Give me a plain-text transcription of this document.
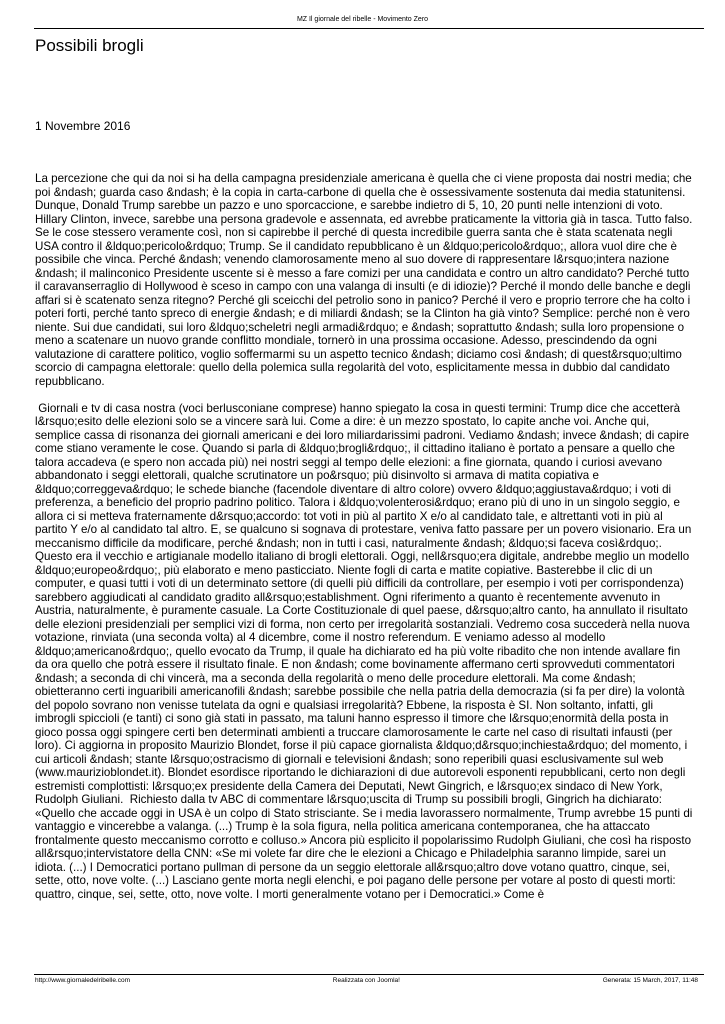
MZ Il giornale del ribelle - Movimento Zero
Possibili brogli
1 Novembre 2016

La percezione che qui da noi si ha della campagna presidenziale americana è quella che ci viene proposta dai nostri media; che poi &ndash; guarda caso &ndash; è la copia in carta-carbone di quella che è ossessivamente sostenuta dai media statunitensi. Dunque, Donald Trump sarebbe un pazzo e uno sporcaccione, e sarebbe indietro di 5, 10, 20 punti nelle intenzioni di voto. Hillary Clinton, invece, sarebbe una persona gradevole e assennata, ed avrebbe praticamente la vittoria già in tasca. Tutto falso. Se le cose stessero veramente così, non si capirebbe il perché di questa incredibile guerra santa che è stata scatenata negli USA contro il &ldquo;pericolo&rdquo; Trump. Se il candidato repubblicano è un &ldquo;pericolo&rdquo;, allora vuol dire che è possibile che vinca. Perché &ndash; venendo clamorosamente meno al suo dovere di rappresentare l&rsquo;intera nazione &ndash; il malinconico Presidente uscente si è messo a fare comizi per una candidata e contro un altro candidato? Perché tutto il caravanserraglio di Hollywood è sceso in campo con una valanga di insulti (e di idiozie)? Perché il mondo delle banche e degli affari si è scatenato senza ritegno? Perché gli sceicchi del petrolio sono in panico? Perché il vero e proprio terrore che ha colto i poteri forti, perché tanto spreco di energie &ndash; e di miliardi &ndash; se la Clinton ha già vinto? Semplice: perché non è vero niente. Sui due candidati, sui loro &ldquo;scheletri negli armadi&rdquo; e &ndash; soprattutto &ndash; sulla loro propensione o meno a scatenare un nuovo grande conflitto mondiale, tornerò in una prossima occasione. Adesso, prescindendo da ogni valutazione di carattere politico, voglio soffermarmi su un aspetto tecnico &ndash; diciamo così &ndash; di quest&rsquo;ultimo scorcio di campagna elettorale: quello della polemica sulla regolarità del voto, esplicitamente messa in dubbio dal candidato repubblicano.

Giornali e tv di casa nostra (voci berlusconiane comprese) hanno spiegato la cosa in questi termini: Trump dice che accetterà l&rsquo;esito delle elezioni solo se a vincere sarà lui. Come a dire: è un mezzo spostato, lo capite anche voi. Anche qui, semplice cassa di risonanza dei giornali americani e dei loro miliardarissimi padroni. Vediamo &ndash; invece &ndash; di capire come stiano veramente le cose. Quando si parla di &ldquo;brogli&rdquo;, il cittadino italiano è portato a pensare a quello che talora accadeva (e spero non accada più) nei nostri seggi al tempo delle elezioni: a fine giornata, quando i curiosi avevano abbandonato i seggi elettorali, qualche scrutinatore un po&rsquo; più disinvolto si armava di matita copiativa e &ldquo;correggeva&rdquo; le schede bianche (facendole diventare di altro colore) ovvero &ldquo;aggiustava&rdquo; i voti di preferenza, a beneficio del proprio padrino politico. Talora i &ldquo;volenterosi&rdquo; erano più di uno in un singolo seggio, e allora ci si metteva fraternamente d&rsquo;accordo: tot voti in più al partito X e/o al candidato tale, e altrettanti voti in più al partito Y e/o al candidato tal altro. E, se qualcuno si sognava di protestare, veniva fatto passare per un povero visionario. Era un meccanismo difficile da modificare, perché &ndash; non in tutti i casi, naturalmente &ndash; &ldquo;si faceva così&rdquo;. Questo era il vecchio e artigianale modello italiano di brogli elettorali. Oggi, nell&rsquo;era digitale, andrebbe meglio un modello &ldquo;europeo&rdquo;, più elaborato e meno pasticciato. Niente fogli di carta e matite copiative. Basterebbe il clic di un computer, e quasi tutti i voti di un determinato settore (di quelli più difficili da controllare, per esempio i voti per corrispondenza) sarebbero aggiudicati al candidato gradito all&rsquo;establishment. Ogni riferimento a quanto è recentemente avvenuto in Austria, naturalmente, è puramente casuale. La Corte Costituzionale di quel paese, d&rsquo;altro canto, ha annullato il risultato delle elezioni presidenziali per semplici vizi di forma, non certo per irregolarità sostanziali. Vedremo cosa succederà nella nuova votazione, rinviata (una seconda volta) al 4 dicembre, come il nostro referendum. E veniamo adesso al modello &ldquo;americano&rdquo;, quello evocato da Trump, il quale ha dichiarato ed ha più volte ribadito che non intende avallare fin da ora quello che potrà essere il risultato finale. E non &ndash; come bovinamente affermano certi sprovveduti commentatori &ndash; a seconda di chi vincerà, ma a seconda della regolarità o meno delle procedure elettorali. Ma come &ndash; obietteranno certi inguaribili americanofili &ndash; sarebbe possibile che nella patria della democrazia (si fa per dire) la volontà del popolo sovrano non venisse tutelata da ogni e qualsiasi irregolarità? Ebbene, la risposta è SI. Non soltanto, infatti, gli imbrogli spiccioli (e tanti) ci sono già stati in passato, ma taluni hanno espresso il timore che l&rsquo;enormità della posta in gioco possa oggi spingere certi ben determinati ambienti a truccare clamorosamente le carte nel caso di risultati infausti (per loro). Ci aggiorna in proposito Maurizio Blondet, forse il più capace giornalista &ldquo;d&rsquo;inchiesta&rdquo; del momento, i cui articoli &ndash; stante l&rsquo;ostracismo di giornali e televisioni &ndash; sono reperibili quasi esclusivamente sul web (www.maurizioblondet.it). Blondet esordisce riportando le dichiarazioni di due autorevoli esponenti repubblicani, certo non degli estremisti complottisti: l&rsquo;ex presidente della Camera dei Deputati, Newt Gingrich, e l&rsquo;ex sindaco di New York, Rudolph Giuliani.  Richiesto dalla tv ABC di commentare l&rsquo;uscita di Trump su possibili brogli, Gingrich ha dichiarato: «Quello che accade oggi in USA è un colpo di Stato strisciante. Se i media lavorassero normalmente, Trump avrebbe 15 punti di vantaggio e vincerebbe a valanga. (...) Trump è la sola figura, nella politica americana contemporanea, che ha attaccato frontalmente questo meccanismo corrotto e colluso.» Ancora più esplicito il popolarissimo Rudolph Giuliani, che così ha risposto all&rsquo;intervistatore della CNN: «Se mi volete far dire che le elezioni a Chicago e Philadelphia saranno limpide, sarei un idiota. (...) I Democratici portano pullman di persone da un seggio elettorale all&rsquo;altro dove votano quattro, cinque, sei, sette, otto, nove volte. (...) Lasciano gente morta negli elenchi, e poi pagano delle persone per votare al posto di questi morti: quattro, cinque, sei, sette, otto, nove volte. I morti generalmente votano per i Democratici.» Come è

http://www.giornaledelribelle.com	Realizzata con Joomla!	Generata: 15 March, 2017, 11:48
